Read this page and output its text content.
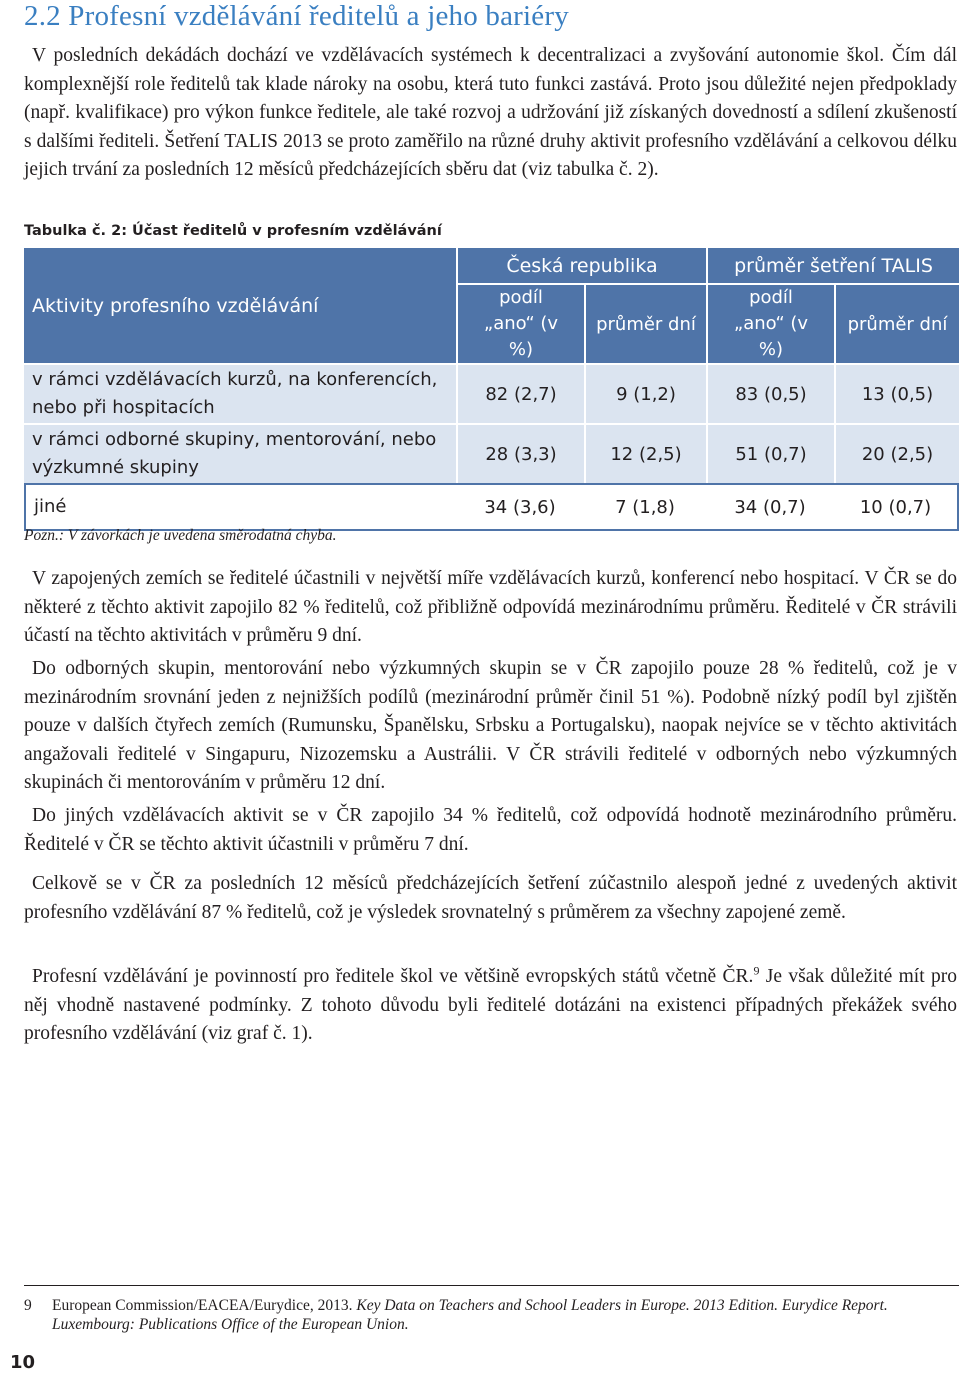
2.2 Profesní vzdělávání ředitelů a jeho bariéry

V posledních dekádách dochází ve vzdělávacích systémech k decentralizaci a zvyšování autonomie škol. Čím dál komplexnější role ředitelů tak klade nároky na osobu, která tuto funkci zastává. Proto jsou důležité nejen předpoklady (např. kvalifikace) pro výkon funkce ředitele, ale také rozvoj a udržování již získaných dovedností a sdílení zkušeností s dalšími řediteli. Šetření TALIS 2013 se proto zaměřilo na různé druhy aktivit profesního vzdělávání a celkovou délku jejich trvání za posledních 12 měsíců předcházejících sběru dat (viz tabulka č. 2).

Tabulka č. 2: Účast ředitelů v profesním vzdělávání

Aktivity profesního vzdělávání	Česká republika		průměr šetření TALIS	
	podíl „ano“ (v %)	průměr dní	podíl „ano“ (v %)	průměr dní
v rámci vzdělávacích kurzů, na konferencích, nebo při hospitacích	82 (2,7)	9 (1,2)	83 (0,5)	13 (0,5)
v rámci odborné skupiny, mentorování, nebo výzkumné skupiny	28 (3,3)	12 (2,5)	51 (0,7)	20 (2,5)
jiné	34 (3,6)	7 (1,8)	34 (0,7)	10 (0,7)

Pozn.: V závorkách je uvedena směrodatná chyba.

V zapojených zemích se ředitelé účastnili v největší míře vzdělávacích kurzů, konferencí nebo hospitací. V ČR se do některé z těchto aktivit zapojilo 82 % ředitelů, což přibližně odpovídá mezinárodnímu průměru. Ředitelé v ČR strávili účastí na těchto aktivitách v průměru 9 dní.

Do odborných skupin, mentorování nebo výzkumných skupin se v ČR zapojilo pouze 28 % ředitelů, což je v mezinárodním srovnání jeden z nejnižších podílů (mezinárodní průměr činil 51 %). Podobně nízký podíl byl zjištěn pouze v dalších čtyřech zemích (Rumunsku, Španělsku, Srbsku a Portugalsku), naopak nejvíce se v těchto aktivitách angažovali ředitelé v Singapuru, Nizozemsku a Austrálii. V ČR strávili ředitelé v odborných nebo výzkumných skupinách či mentorováním v průměru 12 dní.

Do jiných vzdělávacích aktivit se v ČR zapojilo 34 % ředitelů, což odpovídá hodnotě mezinárodního průměru. Ředitelé v ČR se těchto aktivit účastnili v průměru 7 dní.

Celkově se v ČR za posledních 12 měsíců předcházejících šetření zúčastnilo alespoň jedné z uvedených aktivit profesního vzdělávání 87 % ředitelů, což je výsledek srovnatelný s průměrem za všechny zapojené země.

Profesní vzdělávání je povinností pro ředitele škol ve většině evropských států včetně ČR.$^9$ Je však důležité mít pro něj vhodně nastavené podmínky. Z tohoto důvodu byli ředitelé dotázáni na existenci případných překážek svého profesního vzdělávání (viz graf č. 1).

9 European Commission/EACEA/Eurydice, 2013. Key Data on Teachers and School Leaders in Europe. 2013 Edition. Eurydice Report. Luxembourg: Publications Office of the European Union.
10
